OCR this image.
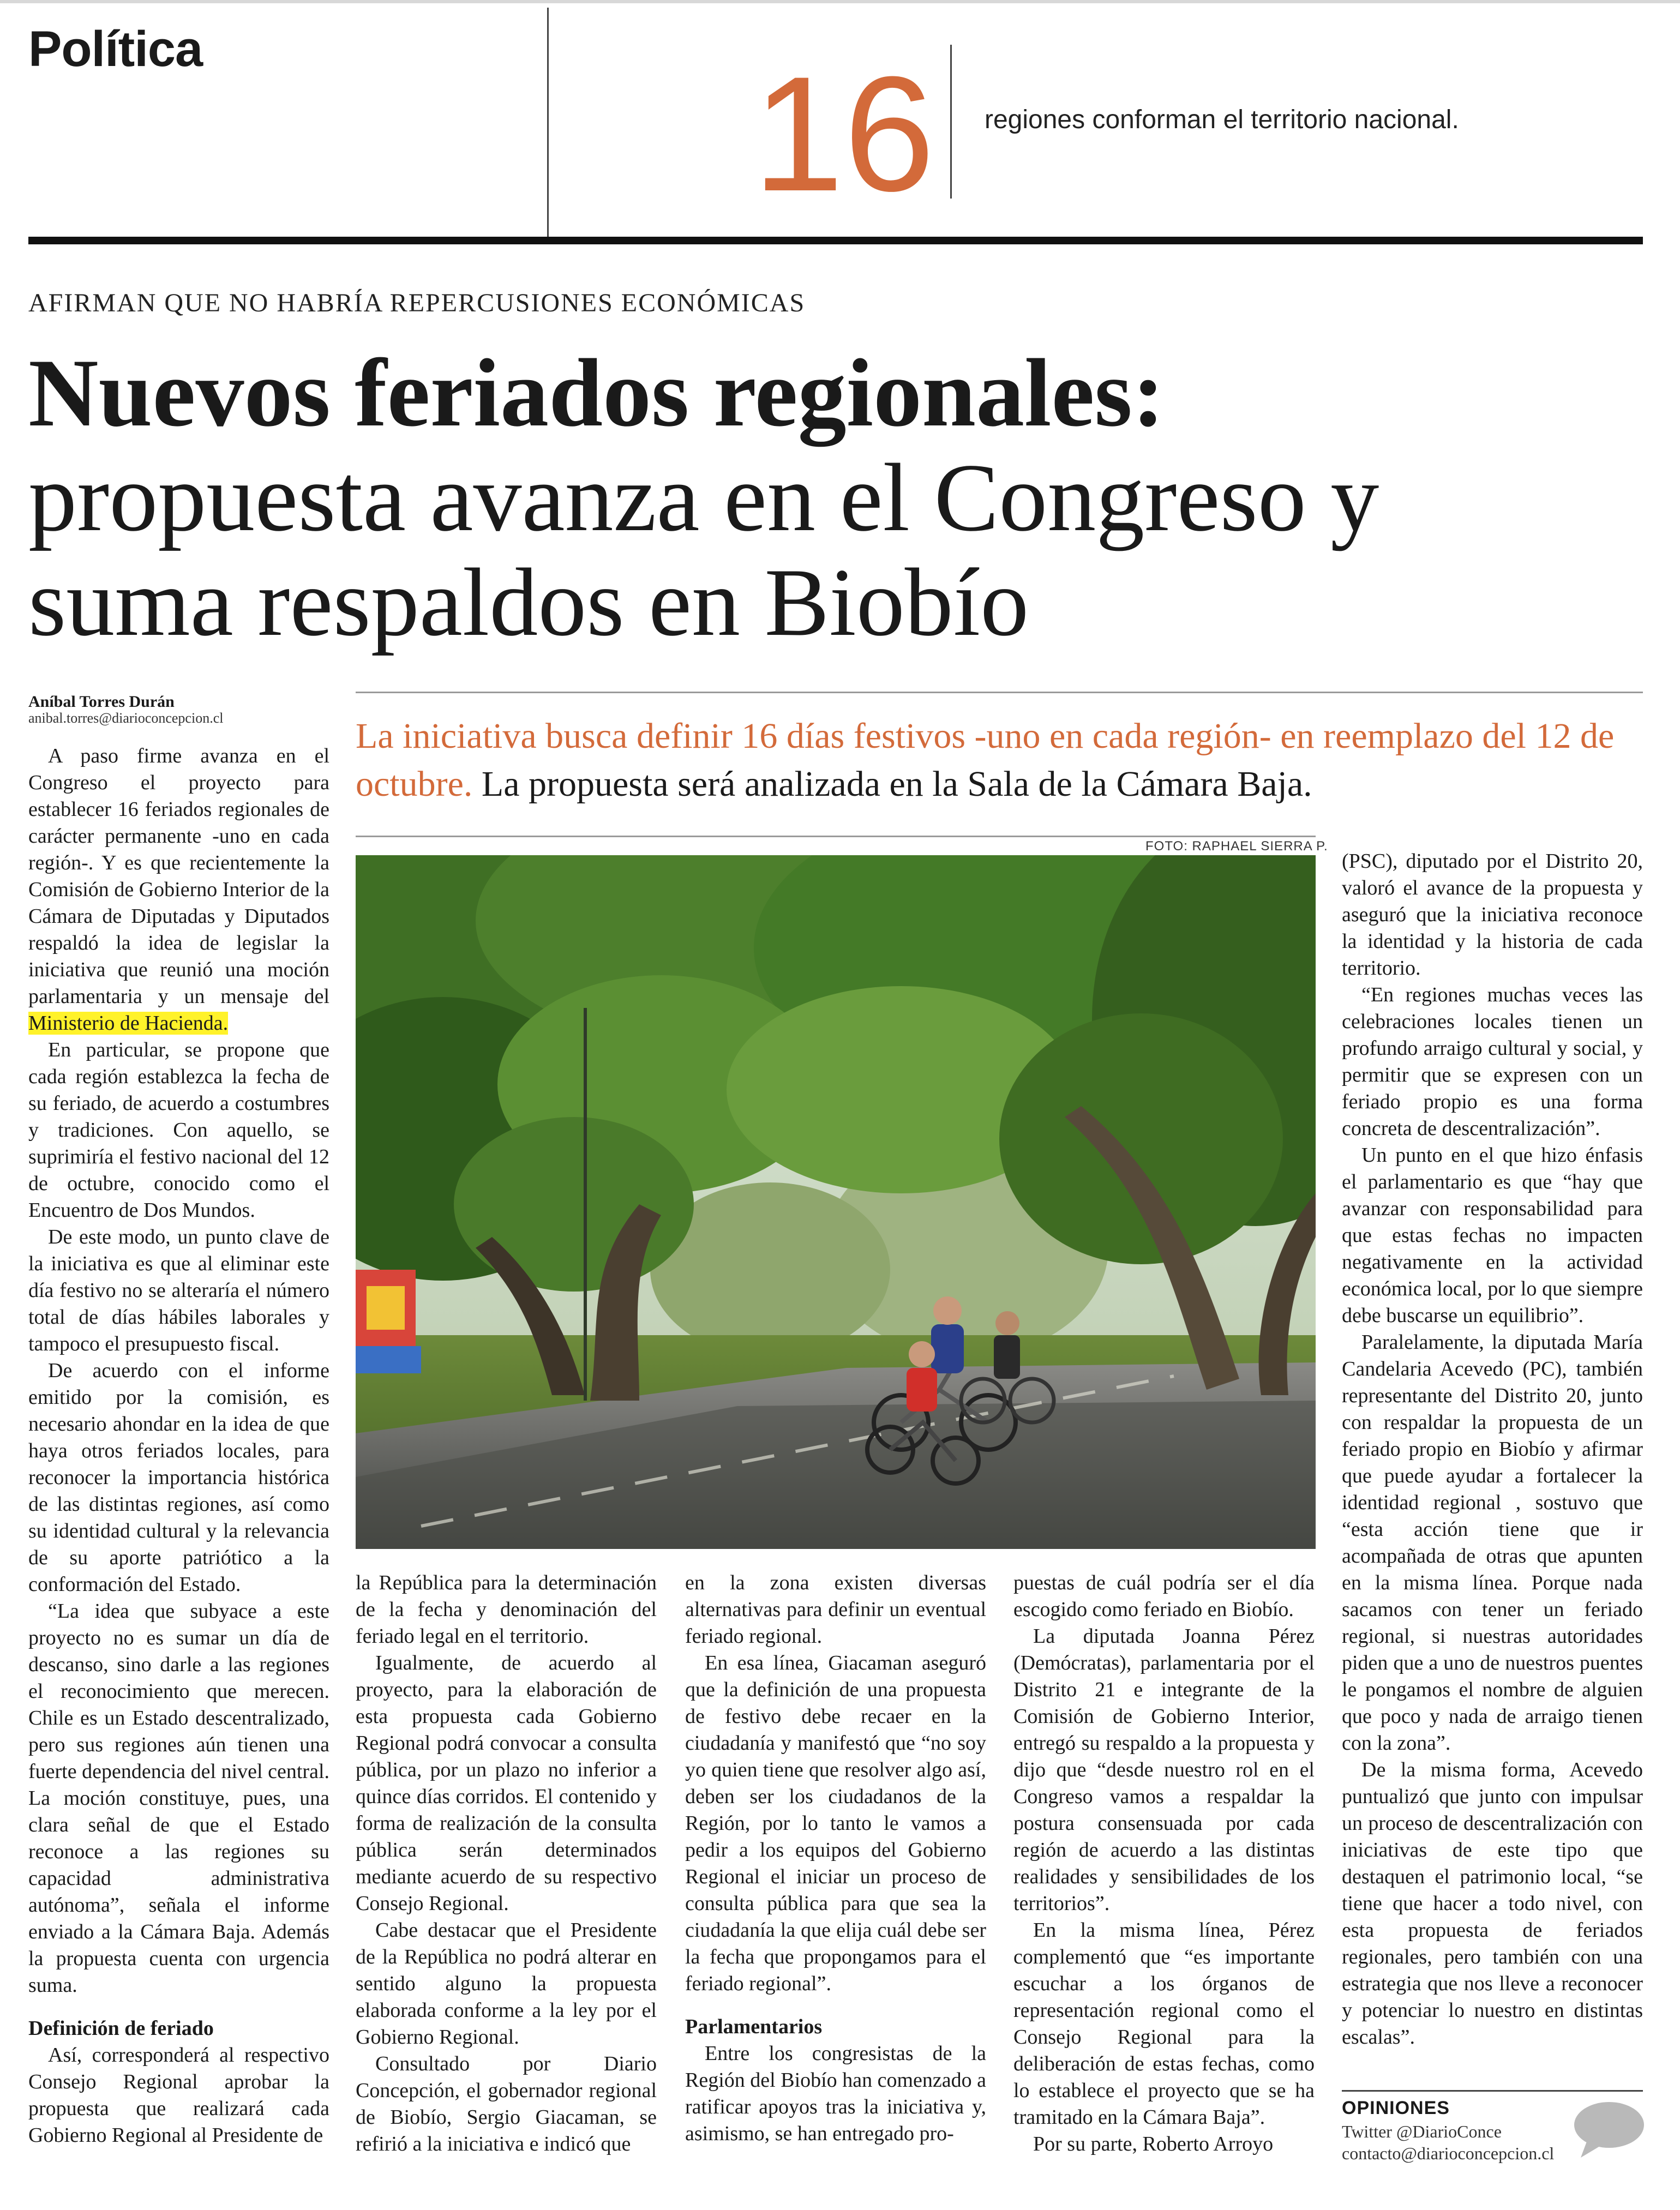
Política	16 regiones conforman el territorio nacional.
AFIRMAN QUE NO HABRÍA REPERCUSIONES ECONÓMICAS
Nuevos feriados regionales:
propuesta avanza en el Congreso y
suma respaldos en Biobío
Aníbal Torres Durán
anibal.torres@diarioconcepcion.cl	La iniciativa busca definir 16 días festivos -uno en cada región- en reemplazo del 12 de octubre. La propuesta será analizada en la Sala de la Cámara Baja.
FOTO: RAPHAEL SIERRA P.

A paso firme avanza en el Congreso el proyecto para establecer 16 feriados regionales de carácter permanente -uno en cada región-. Y es que recientemente la Comisión de Gobierno Interior de la Cámara de Diputadas y Diputados respaldó la idea de legislar la iniciativa que reunió una moción parlamentaria y un mensaje del Ministerio de Hacienda.

En particular, se propone que cada región establezca la fecha de su feriado, de acuerdo a costumbres y tradiciones. Con aquello, se suprimiría el festivo nacional del 12 de octubre, conocido como el Encuentro de Dos Mundos.

De este modo, un punto clave de la iniciativa es que al eliminar este día festivo no se alteraría el número total de días hábiles laborales y tampoco el presupuesto fiscal.

De acuerdo con el informe emitido por la comisión, es necesario ahondar en la idea de que haya otros feriados locales, para reconocer la importancia histórica de las distintas regiones, así como su identidad cultural y la relevancia de su aporte patriótico a la conformación del Estado.

“La idea que subyace a este proyecto no es sumar un día de descanso, sino darle a las regiones el reconocimiento que merecen. Chile es un Estado descentralizado, pero sus regiones aún tienen una fuerte dependencia del nivel central. La moción constituye, pues, una clara señal de que el Estado reconoce a las regiones su capacidad administrativa autónoma”, señala el informe enviado a la Cámara Baja. Además la propuesta cuenta con urgencia suma.

Definición de feriado

Así, corresponderá al respectivo Consejo Regional aprobar la propuesta que realizará cada Gobierno Regional al Presidente de

la República para la determinación de la fecha y denominación del feriado legal en el territorio.

Igualmente, de acuerdo al proyecto, para la elaboración de esta propuesta cada Gobierno Regional podrá convocar a consulta pública, por un plazo no inferior a quince días corridos. El contenido y forma de realización de la consulta pública serán determinados mediante acuerdo de su respectivo Consejo Regional.

Cabe destacar que el Presidente de la República no podrá alterar en sentido alguno la propuesta elaborada conforme a la ley por el Gobierno Regional.

Consultado por Diario Concepción, el gobernador regional de Biobío, Sergio Giacaman, se refirió a la iniciativa e indicó que

en la zona existen diversas alternativas para definir un eventual feriado regional.

En esa línea, Giacaman aseguró que la definición de una propuesta de festivo debe recaer en la ciudadanía y manifestó que “no soy yo quien tiene que resolver algo así, deben ser los ciudadanos de la Región, por lo tanto le vamos a pedir a los equipos del Gobierno Regional el iniciar un proceso de consulta pública para que sea la ciudadanía la que elija cuál debe ser la fecha que propongamos para el feriado regional”.

Parlamentarios

Entre los congresistas de la Región del Biobío han comenzado a ratificar apoyos tras la iniciativa y, asimismo, se han entregado pro-

puestas de cuál podría ser el día escogido como feriado en Biobío.

La diputada Joanna Pérez (Demócratas), parlamentaria por el Distrito 21 e integrante de la Comisión de Gobierno Interior, entregó su respaldo a la propuesta y dijo que “desde nuestro rol en el Congreso vamos a respaldar la postura consensuada por cada región de acuerdo a las distintas realidades y sensibilidades de los territorios”.

En la misma línea, Pérez complementó que “es importante escuchar a los órganos de representación regional como el Consejo Regional para la deliberación de estas fechas, como lo establece el proyecto que se ha tramitado en la Cámara Baja”.

Por su parte, Roberto Arroyo

(PSC), diputado por el Distrito 20, valoró el avance de la propuesta y aseguró que la iniciativa reconoce la identidad y la historia de cada territorio.

“En regiones muchas veces las celebraciones locales tienen un profundo arraigo cultural y social, y permitir que se expresen con un feriado propio es una forma concreta de descentralización”.

Un punto en el que hizo énfasis el parlamentario es que “hay que avanzar con responsabilidad para que estas fechas no impacten negativamente en la actividad económica local, por lo que siempre debe buscarse un equilibrio”.

Paralelamente, la diputada María Candelaria Acevedo (PC), también representante del Distrito 20, junto con respaldar la propuesta de un feriado propio en Biobío y afirmar que puede ayudar a fortalecer la identidad regional , sostuvo que “esta acción tiene que ir acompañada de otras que apunten en la misma línea. Porque nada sacamos con tener un feriado regional, si nuestras autoridades piden que a uno de nuestros puentes le pongamos el nombre de alguien que poco y nada de arraigo tienen con la zona”.

De la misma forma, Acevedo puntualizó que junto con impulsar un proceso de descentralización con iniciativas de este tipo que destaquen el patrimonio local, “se tiene que hacer a todo nivel, con esta propuesta de feriados regionales, pero también con una estrategia que nos lleve a reconocer y potenciar lo nuestro en distintas escalas”.

OPINIONES
Twitter @DiarioConce
contacto@diarioconcepcion.cl
